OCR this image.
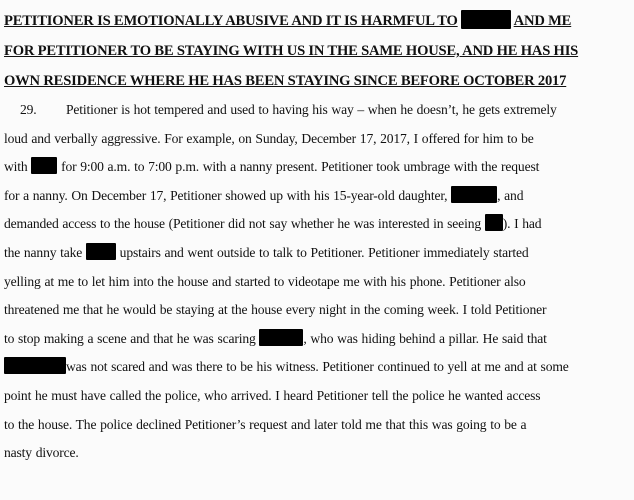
PETITIONER IS EMOTIONALLY ABUSIVE AND IT IS HARMFUL TO	AND ME
FOR PETITIONER TO BE STAYING WITH US IN THE SAME HOUSE, AND HE HAS HIS
OWN RESIDENCE WHERE HE HAS BEEN STAYING SINCE BEFORE OCTOBER 2017
29. Petitioner is hot tempered and used to having his way – when he doesn’t, he gets extremely
loud and verbally aggressive. For example, on Sunday, December 17, 2017, I offered for him to be
with for 9:00 a.m. to 7:00 p.m. with a nanny present. Petitioner took umbrage with the request
for a nanny. On December 17, Petitioner showed up with his 15-year-old daughter,	, and
demanded access to the house (Petitioner did not say whether he was interested in seeing ). I had
the nanny take	upstairs and went outside to talk to Petitioner. Petitioner immediately started
yelling at me to let him into the house and started to videotape me with his phone. Petitioner also
threatened me that he would be staying at the house every night in the coming week. I told Petitioner
to stop making a scene and that he was scaring	, who was hiding behind a pillar. He said that
was not scared and was there to be his witness. Petitioner continued to yell at me and at some
point he must have called the police, who arrived. I heard Petitioner tell the police he wanted access
to the house. The police declined Petitioner’s request and later told me that this was going to be a
nasty divorce.
